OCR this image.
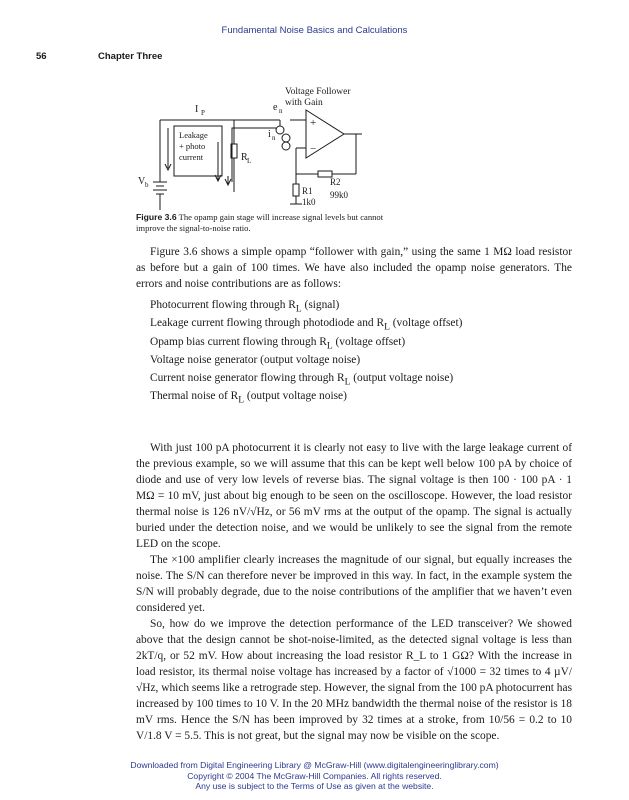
Fundamental Noise Basics and Calculations
56	Chapter Three
Voltage Follower
with Gain
I P	e n
i n
Leakage
+ photo
current	R L
V b
R1
1k0
R2
99k0
+
−
Figure 3.6 The opamp gain stage will increase signal levels but cannot improve the signal-to-noise ratio.
Figure 3.6 shows a simple opamp “follower with gain,” using the same 1 MΩ load resistor as before but a gain of 100 times. We have also included the opamp noise generators. The errors and noise contributions are as follows:
Photocurrent flowing through $R_L$ (signal)
Leakage current flowing through photodiode and $R_L$ (voltage offset)
Opamp bias current flowing through $R_L$ (voltage offset)
Voltage noise generator (output voltage noise)
Current noise generator flowing through $R_L$ (output voltage noise)
Thermal noise of $R_L$ (output voltage noise)

With just 100 pA photocurrent it is clearly not easy to live with the large leakage current of the previous example, so we will assume that this can be kept well below 100 pA by choice of diode and use of very low levels of reverse bias. The signal voltage is then 100 · 100 pA · 1 MΩ = 10 mV, just about big enough to be seen on the oscilloscope. However, the load resistor thermal noise is 126 nV/√Hz, or 56 mV rms at the output of the opamp. The signal is actually buried under the detection noise, and we would be unlikely to see the signal from the remote LED on the scope.

The ×100 amplifier clearly increases the magnitude of our signal, but equally increases the noise. The S/N can therefore never be improved in this way. In fact, in the example system the S/N will probably degrade, due to the noise contributions of the amplifier that we haven’t even considered yet.

So, how do we improve the detection performance of the LED transceiver? We showed above that the design cannot be shot-noise-limited, as the detected signal voltage is less than 2kT/q, or 52 mV. How about increasing the load resistor R_L to 1 GΩ? With the increase in load resistor, its thermal noise voltage has increased by a factor of √1000 = 32 times to 4 µV/√Hz, which seems like a retrograde step. However, the signal from the 100 pA photocurrent has increased by 100 times to 10 V. In the 20 MHz bandwidth the thermal noise of the resistor is 18 mV rms. Hence the S/N has been improved by 32 times at a stroke, from 10/56 = 0.2 to 10 V/1.8 V = 5.5. This is not great, but the signal may now be visible on the scope.

Downloaded from Digital Engineering Library @ McGraw-Hill (www.digitalengineeringlibrary.com)
Copyright © 2004 The McGraw-Hill Companies. All rights reserved.
Any use is subject to the Terms of Use as given at the website.
